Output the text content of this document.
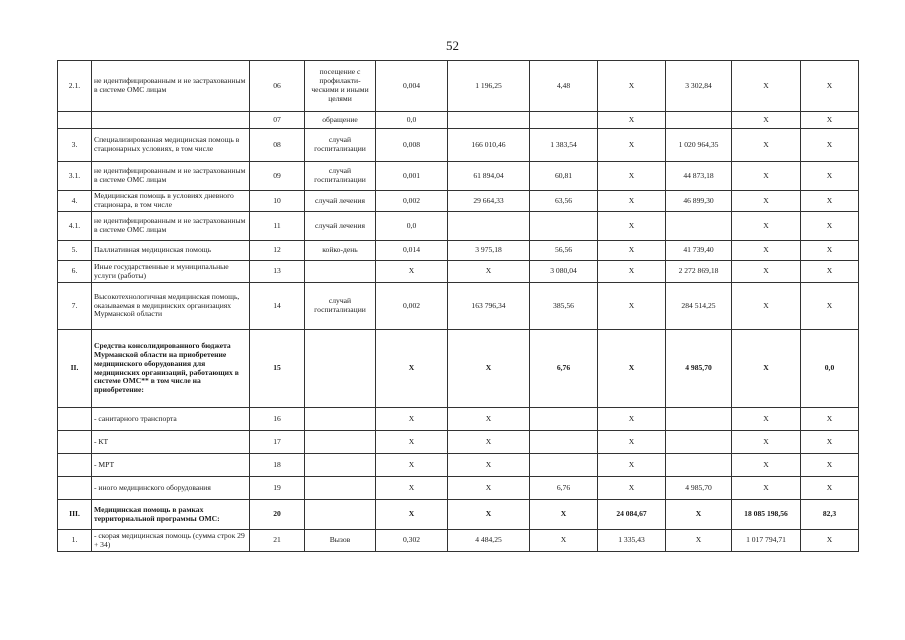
52
2.1.	не идентифицированным и не застрахованным в системе ОМС лицам	06	посещение с профилакти-ческими и иными целями	0,004	1 196,25	4,48	Х	3 302,84	Х	Х
		07	обращение	0,0			Х		Х	Х
3.	Специализированная медицинская помощь в стационарных условиях, в том числе	08	случай госпитализации	0,008	166 010,46	1 383,54	Х	1 020 964,35	Х	Х
3.1.	не идентифицированным и не застрахованным в системе ОМС лицам	09	случай госпитализации	0,001	61 894,04	60,81	Х	44 873,18	Х	Х
4.	Медицинская помощь в условиях дневного стационара, в том числе	10	случай лечения	0,002	29 664,33	63,56	Х	46 899,30	Х	Х
4.1.	не идентифицированным и не застрахованным в системе ОМС лицам	11	случай лечения	0,0			Х		Х	Х
5.	Паллиативная медицинская помощь	12	койко-день	0,014	3 975,18	56,56	Х	41 739,40	Х	Х
6.	Иные государственные и муниципальные услуги (работы)	13		Х	Х	3 080,04	Х	2 272 869,18	Х	Х
7.	Высокотехнологичная медицинская помощь, оказываемая в медицинских организациях Мурманской области	14	случай госпитализации	0,002	163 796,34	385,56	Х	284 514,25	Х	Х
II.	Средства консолидированного бюджета Мурманской области на приобретение медицинского оборудования для медицинских организаций, работающих в системе ОМС** в том числе на приобретение:	15		Х	Х	6,76	Х	4 985,70	Х	0,0
	- санитарного транспорта	16		Х	Х		Х		Х	Х
	- КТ	17		Х	Х		Х		Х	Х
	- МРТ	18		Х	Х		Х		Х	Х
	- иного медицинского оборудования	19		Х	Х	6,76	Х	4 985,70	Х	Х
III.	Медицинская помощь в рамках территориальной программы ОМС:	20		Х	Х	Х	24 084,67	Х	18 085 198,56	82,3
1.	- скорая медицинская помощь (сумма строк 29 + 34)	21	Вызов	0,302	4 484,25	Х	1 335,43	Х	1 017 794,71	Х
